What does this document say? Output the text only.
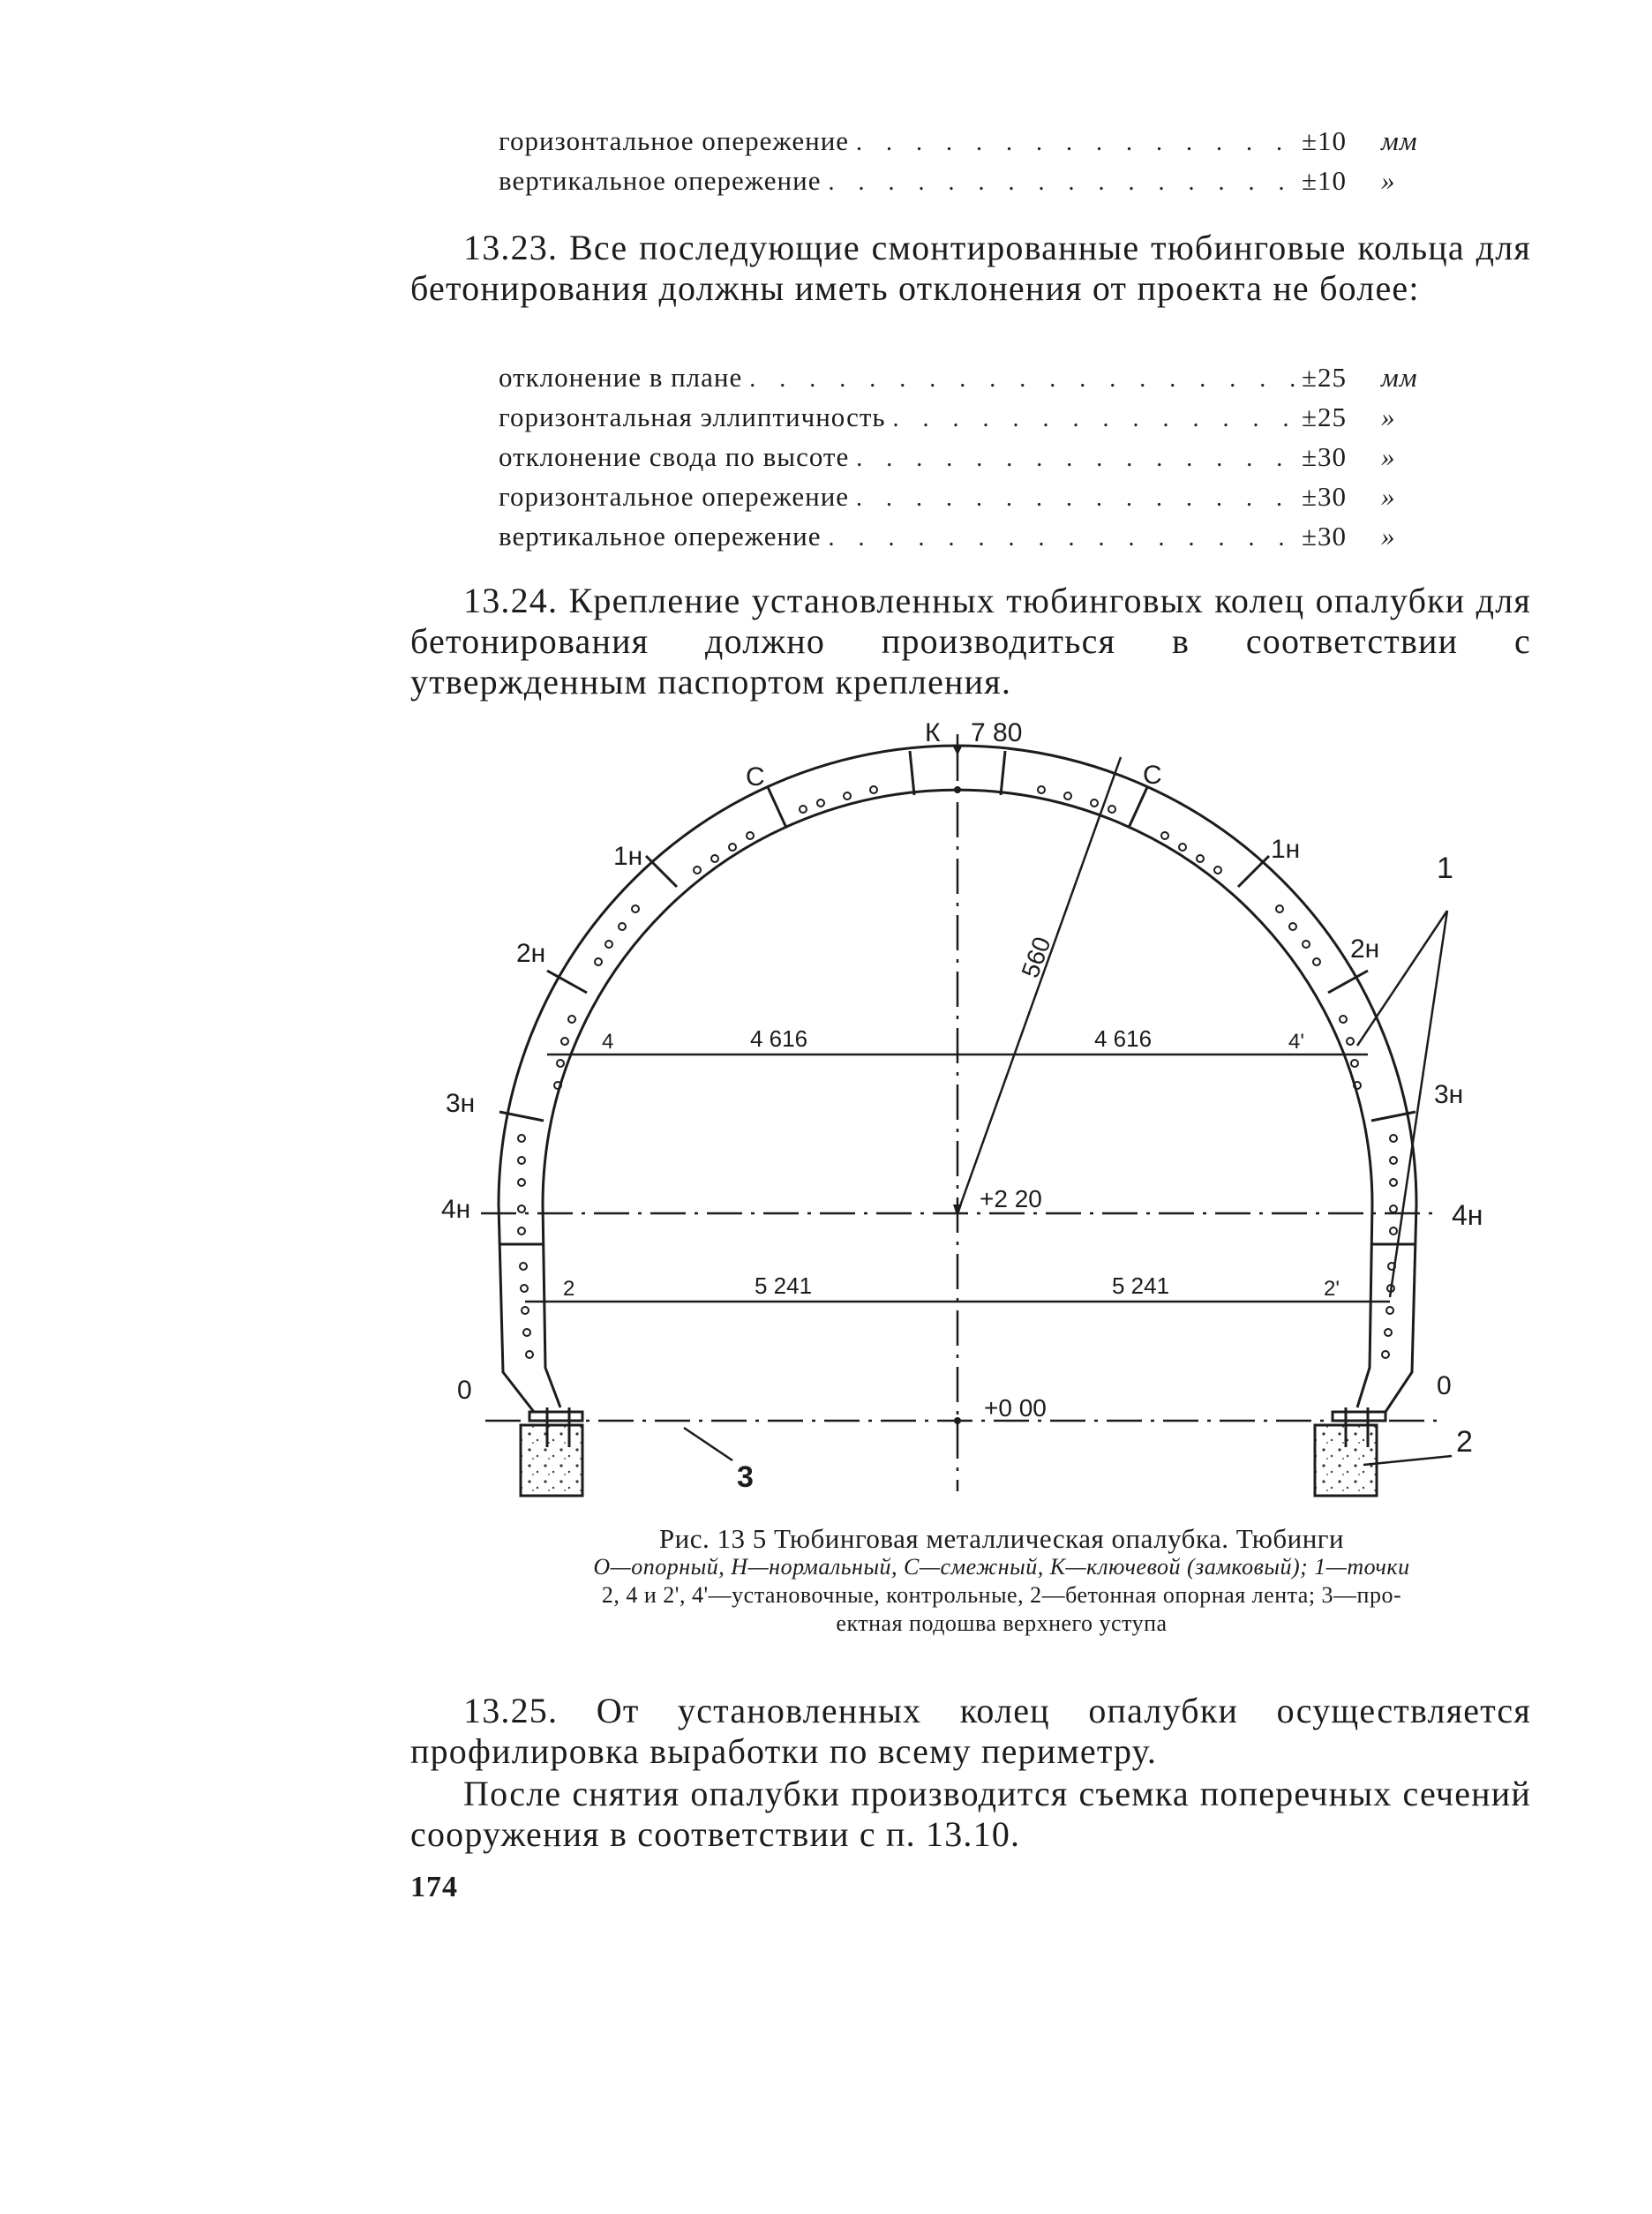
горизонтальное опережение . . .	±10	мм
вертикальное опережение . . .	±10	»
13.23. Все последующие смонтированные тюбинговые кольца для бетонирования должны иметь отклонения от проекта не более:
отклонение в плане . . .	±25	мм
горизонтальная эллиптичность . . .	±25	»
отклонение свода по высоте . . .	±30	»
горизонтальное опережение . . .	±30	»
вертикальное опережение . . .	±30	»
13.24. Крепление установленных тюбинговых колец опалубки для бетонирования должно производиться в соответствии с утвержденным паспортом крепления.
К 7 80
С	С
1н	1н
2н	2н
3н	3н
4н	4н
0	0
4	4'
2	2'
4 616	4 616
5 241	5 241
+2 20
+0 00
560
1
2
3
Рис. 13 5 Тюбинговая металлическая опалубка. Тюбинги
О—опорный, Н—нормальный, С—смежный, К—ключевой (замковый); 1—точки
2, 4 и 2', 4'—установочные, контрольные, 2—бетонная опорная лента; 3—про-
ектная подошва верхнего уступа
13.25. От установленных колец опалубки осуществляется профилировка выработки по всему периметру.
После снятия опалубки производится съемка поперечных сечений сооружения в соответствии с п. 13.10.
174
